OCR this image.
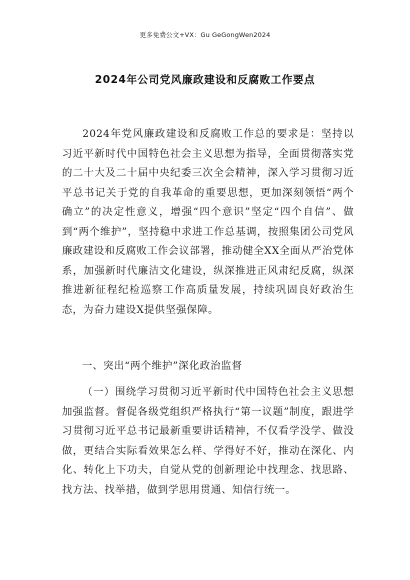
更多免费公文+VX：Gu GeGongWen2024
2024年公司党风廉政建设和反腐败工作要点

2024年党风廉政建设和反腐败工作总的要求是：坚持以习近平新时代中国特色社会主义思想为指导，全面贯彻落实党的二十大及二十届中央纪委三次全会精神，深入学习贯彻习近平总书记关于党的自我革命的重要思想，更加深刻领悟“两个确立”的决定性意义，增强“四个意识”坚定“四个自信”、做到“两个维护”，坚持稳中求进工作总基调，按照集团公司党风廉政建设和反腐败工作会议部署，推动健全XX全面从严治党体系，加强新时代廉洁文化建设，纵深推进正风肃纪反腐，纵深推进新征程纪检巡察工作高质量发展，持续巩固良好政治生态，为奋力建设X提供坚强保障。

一、突出“两个维护”深化政治监督

（一）围绕学习贯彻习近平新时代中国特色社会主义思想加强监督。督促各级党组织严格执行“第一议题”制度，跟进学习贯彻习近平总书记最新重要讲话精神，不仅看学没学、做没做，更结合实际看效果怎么样、学得好不好，推动在深化、内化、转化上下功夫，自觉从党的创新理论中找理念、找思路、找方法、找举措，做到学思用贯通、知信行统一。
